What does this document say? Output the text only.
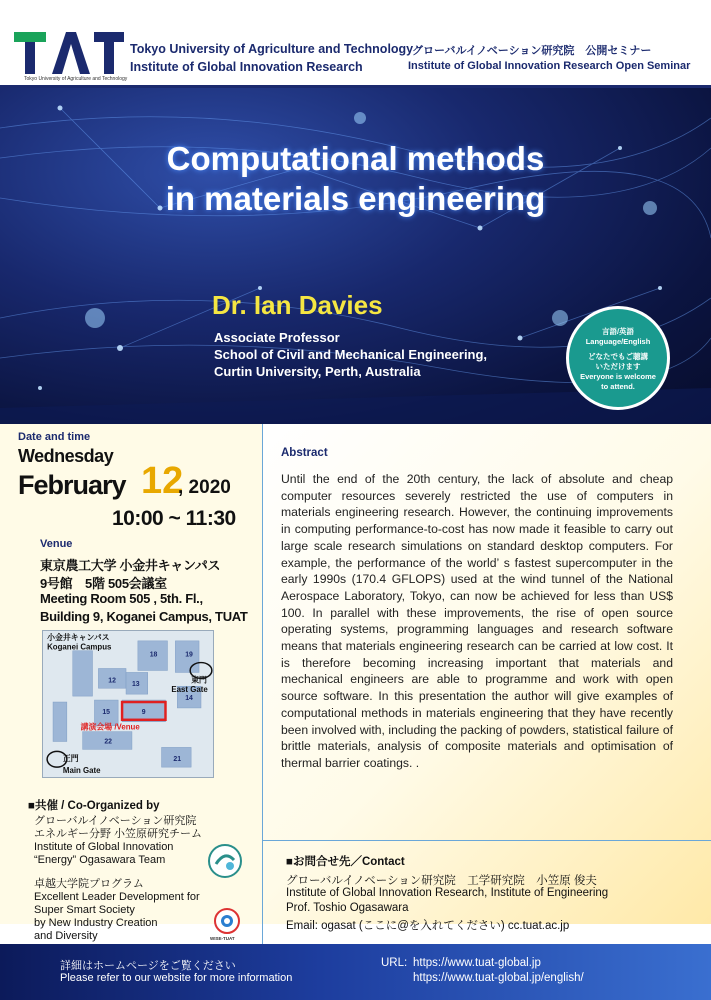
Tokyo University of Agriculture and Technology
Tokyo University of Agriculture and Technology
Institute of Global Innovation Research
グローバルイノベーション研究院　公開セミナー
Institute of Global Innovation Research Open Seminar
Computational methods
in materials engineering
Dr. Ian Davies
Associate Professor
School of Civil and Mechanical Engineering,
Curtin University, Perth, Australia
言語/英語
Language/English
どなたでもご聴講
いただけます
Everyone is welcome
to attend.
Date and time
Wednesday
February 12
, 2020
10:00 ~ 11:30
Venue
東京農工大学 小金井キャンパス
9号館　5階 505会議室
Meeting Room 505 , 5th. Fl.,
Building 9, Koganei Campus, TUAT
18	19
12
13
15	9
22
14
21
小金井キャンパス
Koganei Campus
東門
East Gate
正門
Main Gate
講演会場 /Venue
■共催 / Co-Organized by
グローバルイノベーション研究院
エネルギー分野 小笠原研究チーム
Institute of Global Innovation
“Energy” Ogasawara Team
卓越大学院プログラム
Excellent Leader Development for
Super Smart Society
by New Industry Creation
and Diversity	WISE-TUAT
Abstract
Until the end of the 20th century, the lack of absolute and cheap computer resources severely restricted the use of computers in materials engineering research. However, the continuing improvements in computing performance-to-cost has now made it feasible to carry out large scale research simulations on standard desktop computers. For example, the performance of the world’ s fastest supercomputer in the early 1990s (170.4 GFLOPS) used at the wind tunnel of the National Aerospace Laboratory, Tokyo, can now be achieved for less than US$ 100. In parallel with these improvements, the rise of open source operating systems, programming languages and research software means that materials engineering research can be carried at low cost. It is therefore becoming increasing important that materials and mechanical engineers are able to programme and work with open source software. In this presentation the author will give examples of computational methods in materials engineering that they have recently been involved with, including the packing of powders, statistical failure of brittle materials, analysis of composite materials and optimisation of thermal barrier coatings. .
■お問合せ先／Contact
グローバルイノベーション研究院　工学研究院　小笠原 俊夫
Institute of Global Innovation Research, Institute of Engineering
Prof. Toshio Ogasawara
Email: ogasat (ここに@を入れてください) cc.tuat.ac.jp
詳細はホームページをご覧ください
Please refer to our website for more information
URL: https://www.tuat-global.jp
https://www.tuat-global.jp/english/
